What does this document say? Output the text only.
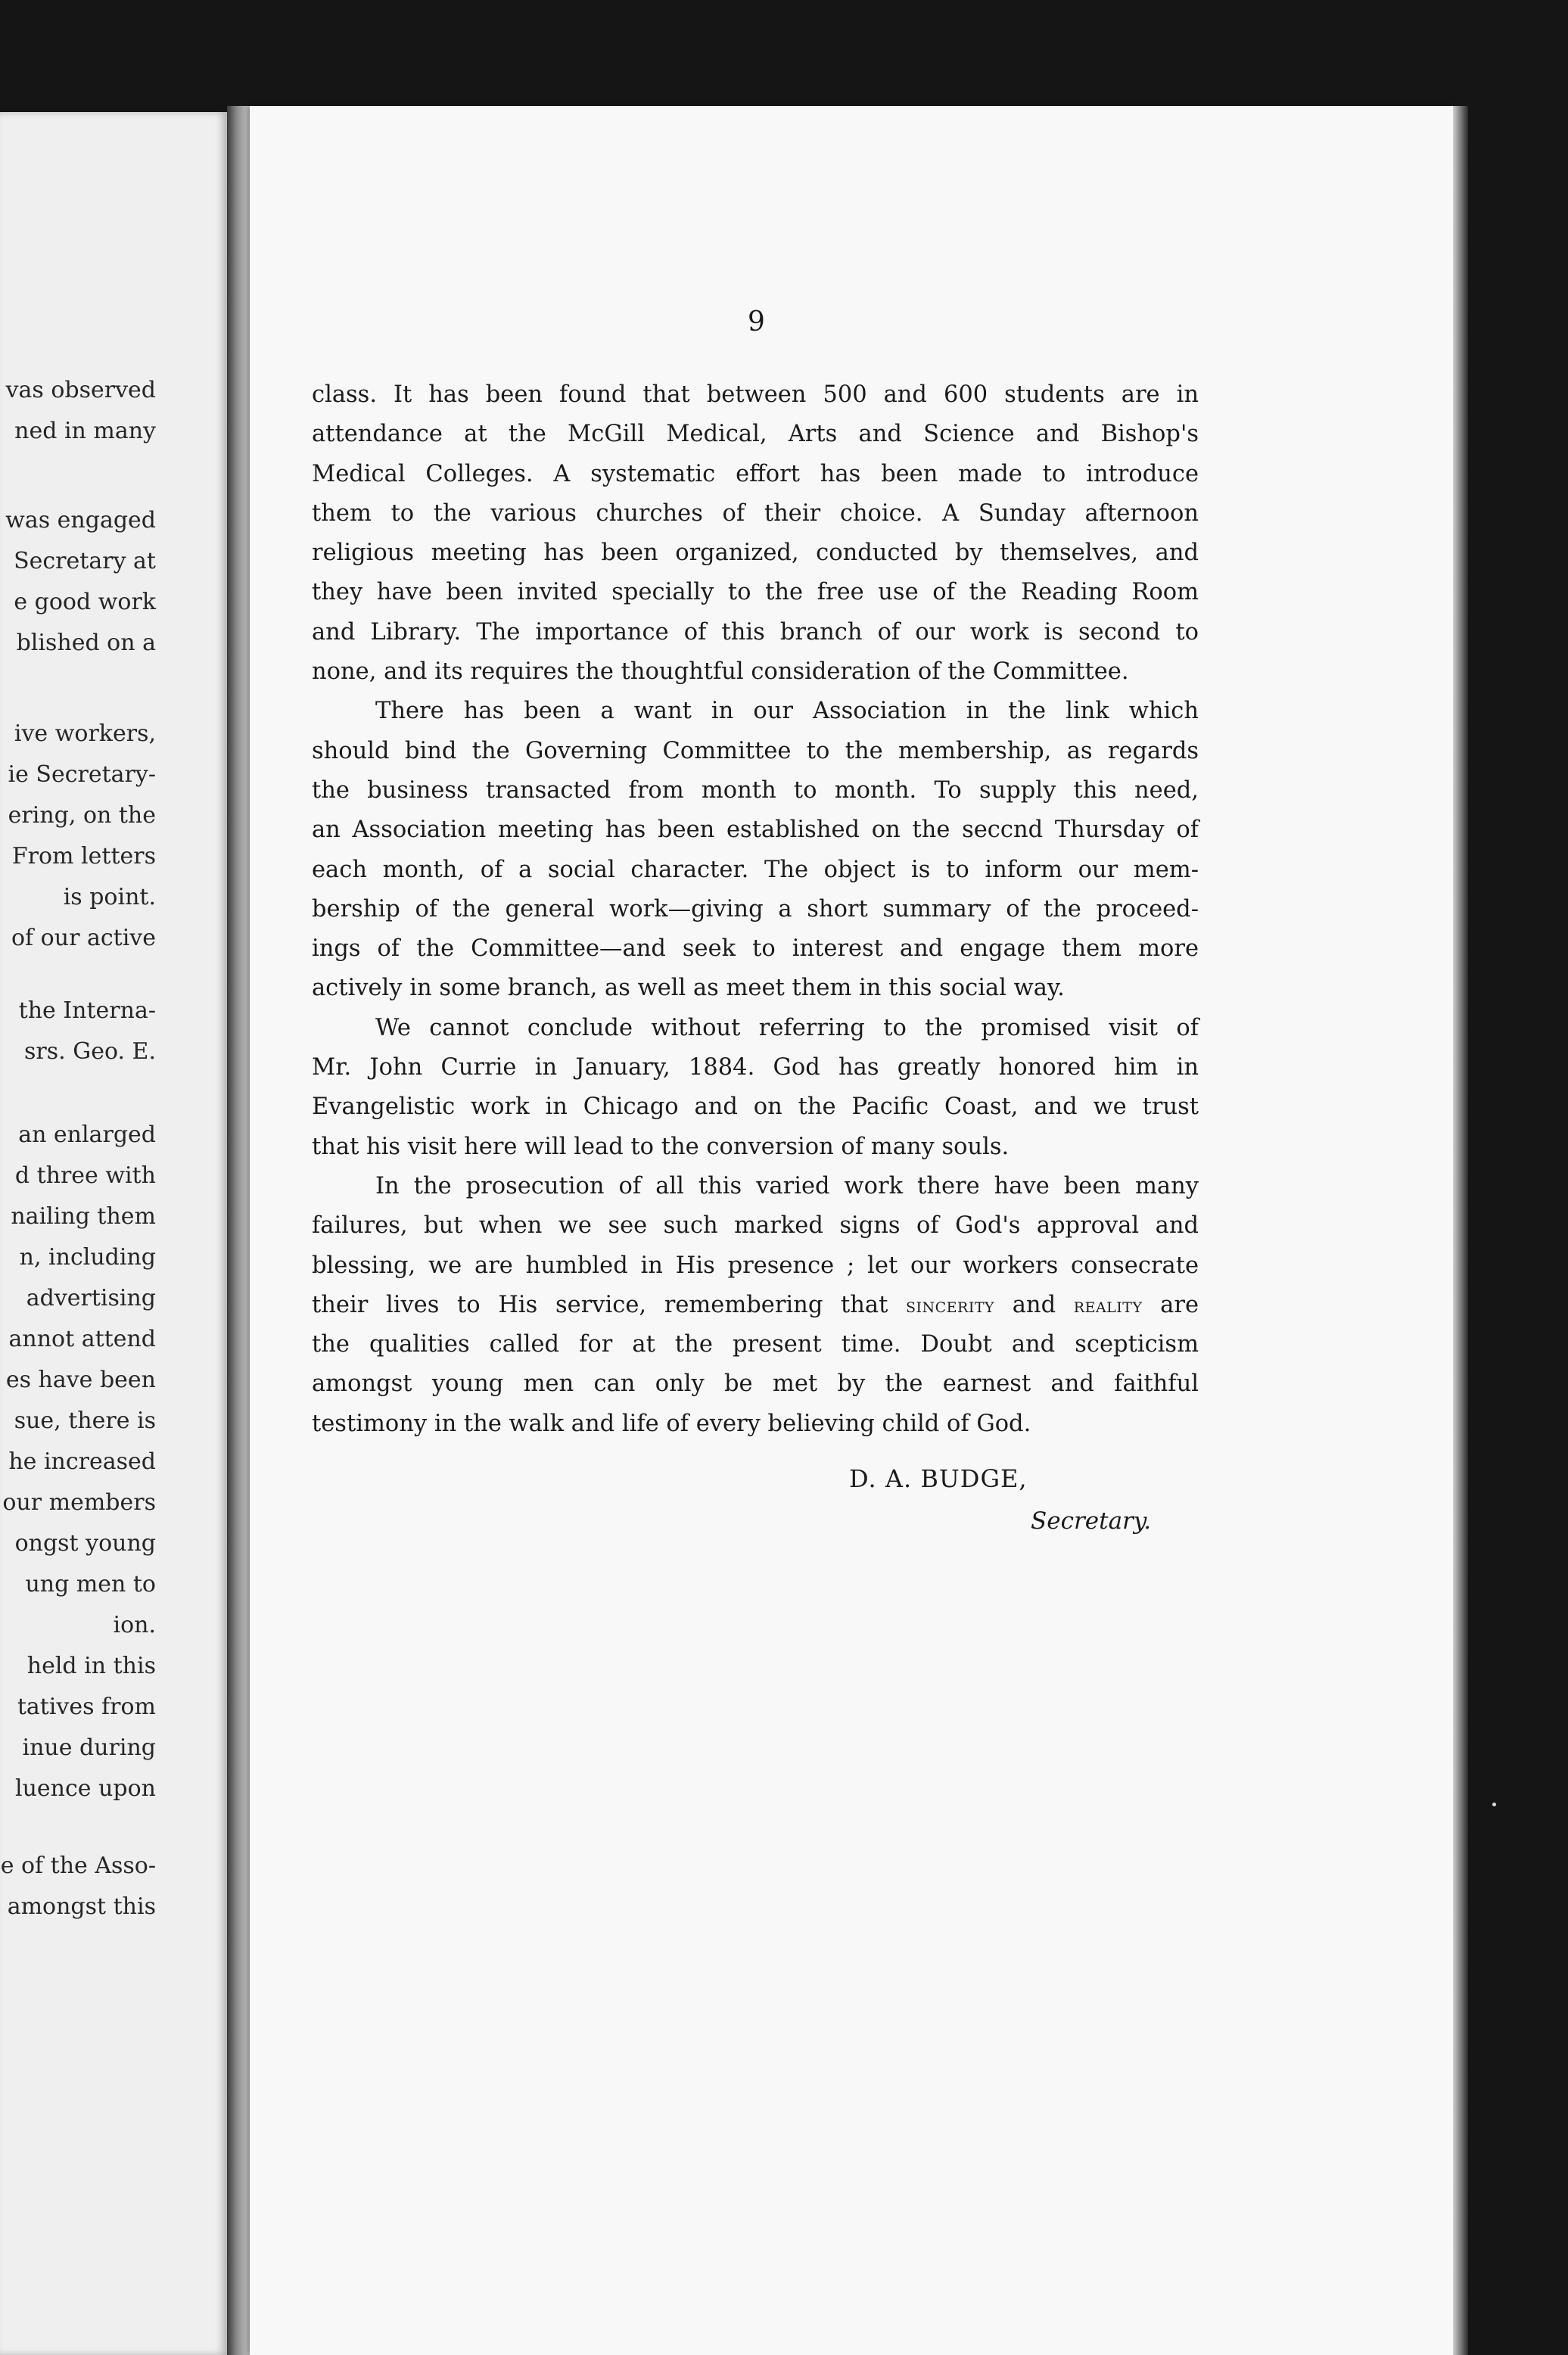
vas observed
ned in many
was engaged
Secretary at
e good work
blished on a
ive workers,
ie Secretary-
ering, on the
From letters
is point.
of our active
the Interna-
srs. Geo. E.
an enlarged
d three with
nailing them
n, including
advertising
annot attend
es have been
sue, there is
he increased
our members
ongst young
ung men to
ion.
held in this
tatives from
inue during
luence upon
e of the Asso-
amongst this
9
class. It has been found that between 500 and 600 students are in
attendance at the McGill Medical, Arts and Science and Bishop's
Medical Colleges. A systematic effort has been made to introduce
them to the various churches of their choice. A Sunday afternoon
religious meeting has been organized, conducted by themselves, and
they have been invited specially to the free use of the Reading Room
and Library. The importance of this branch of our work is second to
none, and its requires the thoughtful consideration of the Committee.
There has been a want in our Association in the link which
should bind the Governing Committee to the membership, as regards
the business transacted from month to month. To supply this need,
an Association meeting has been established on the seccnd Thursday of
each month, of a social character. The object is to inform our mem-
bership of the general work—giving a short summary of the proceed-
ings of the Committee—and seek to interest and engage them more
actively in some branch, as well as meet them in this social way.
We cannot conclude without referring to the promised visit of
Mr. John Currie in January, 1884. God has greatly honored him in
Evangelistic work in Chicago and on the Pacific Coast, and we trust
that his visit here will lead to the conversion of many souls.
In the prosecution of all this varied work there have been many
failures, but when we see such marked signs of God's approval and
blessing, we are humbled in His presence ; let our workers consecrate
their lives to His service, remembering that sincerity and reality are
the qualities called for at the present time. Doubt and scepticism
amongst young men can only be met by the earnest and faithful
testimony in the walk and life of every believing child of God.
D. A. BUDGE,
Secretary.
